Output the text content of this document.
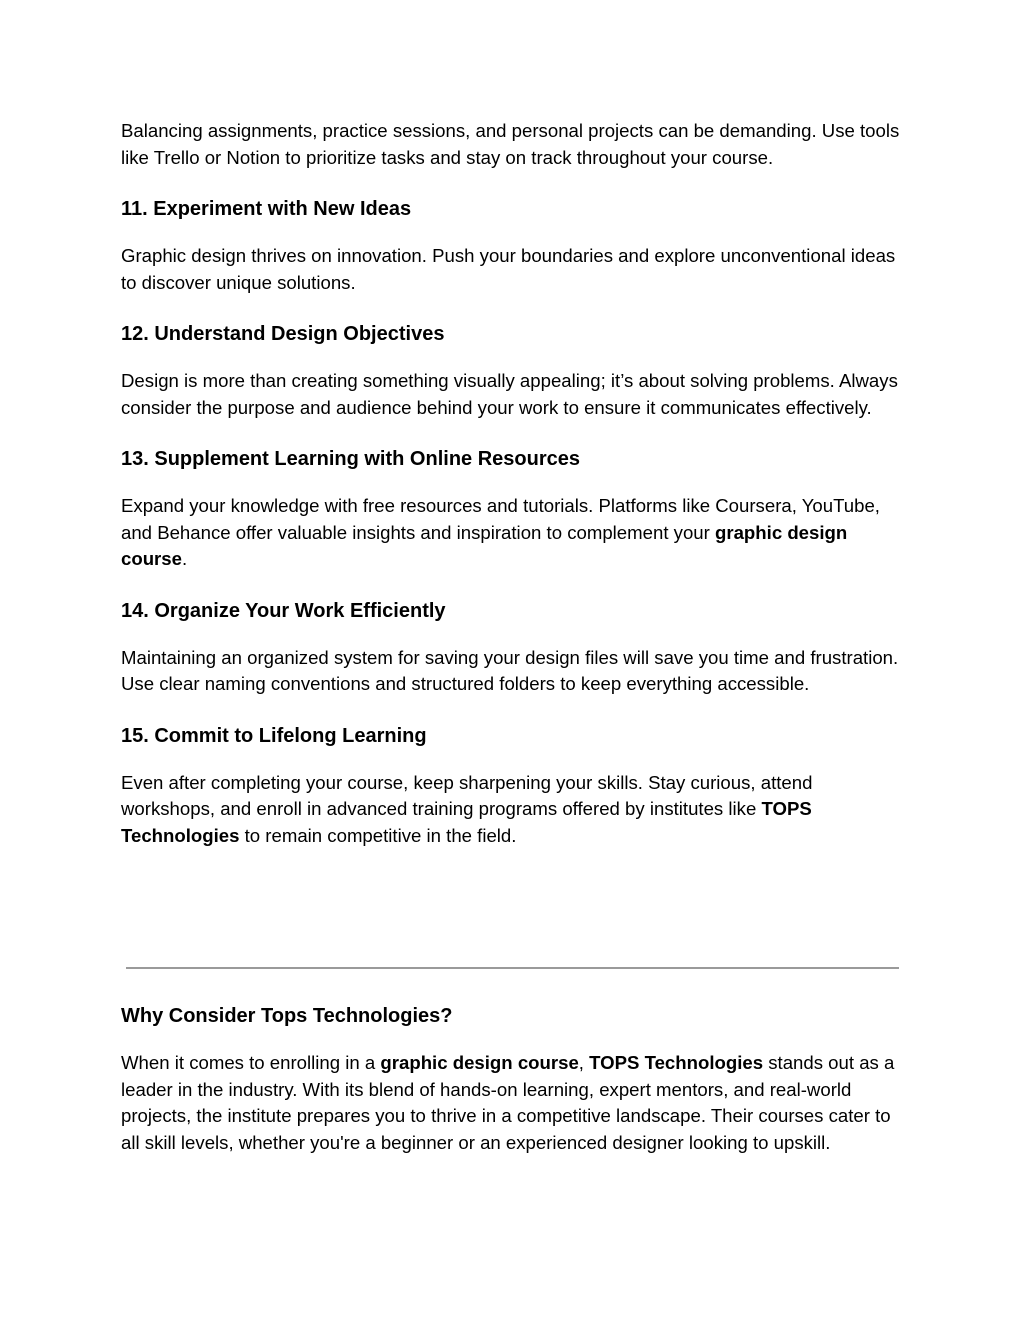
Balancing assignments, practice sessions, and personal projects can be demanding. Use tools like Trello or Notion to prioritize tasks and stay on track throughout your course.

11. Experiment with New Ideas

Graphic design thrives on innovation. Push your boundaries and explore unconventional ideas to discover unique solutions.

12. Understand Design Objectives

Design is more than creating something visually appealing; it’s about solving problems. Always consider the purpose and audience behind your work to ensure it communicates effectively.

13. Supplement Learning with Online Resources

Expand your knowledge with free resources and tutorials. Platforms like Coursera, YouTube, and Behance offer valuable insights and inspiration to complement your graphic design course.

14. Organize Your Work Efficiently

Maintaining an organized system for saving your design files will save you time and frustration. Use clear naming conventions and structured folders to keep everything accessible.

15. Commit to Lifelong Learning

Even after completing your course, keep sharpening your skills. Stay curious, attend workshops, and enroll in advanced training programs offered by institutes like TOPS Technologies to remain competitive in the field.

Why Consider Tops Technologies?

When it comes to enrolling in a graphic design course, TOPS Technologies stands out as a leader in the industry. With its blend of hands-on learning, expert mentors, and real-world projects, the institute prepares you to thrive in a competitive landscape. Their courses cater to all skill levels, whether you're a beginner or an experienced designer looking to upskill.
